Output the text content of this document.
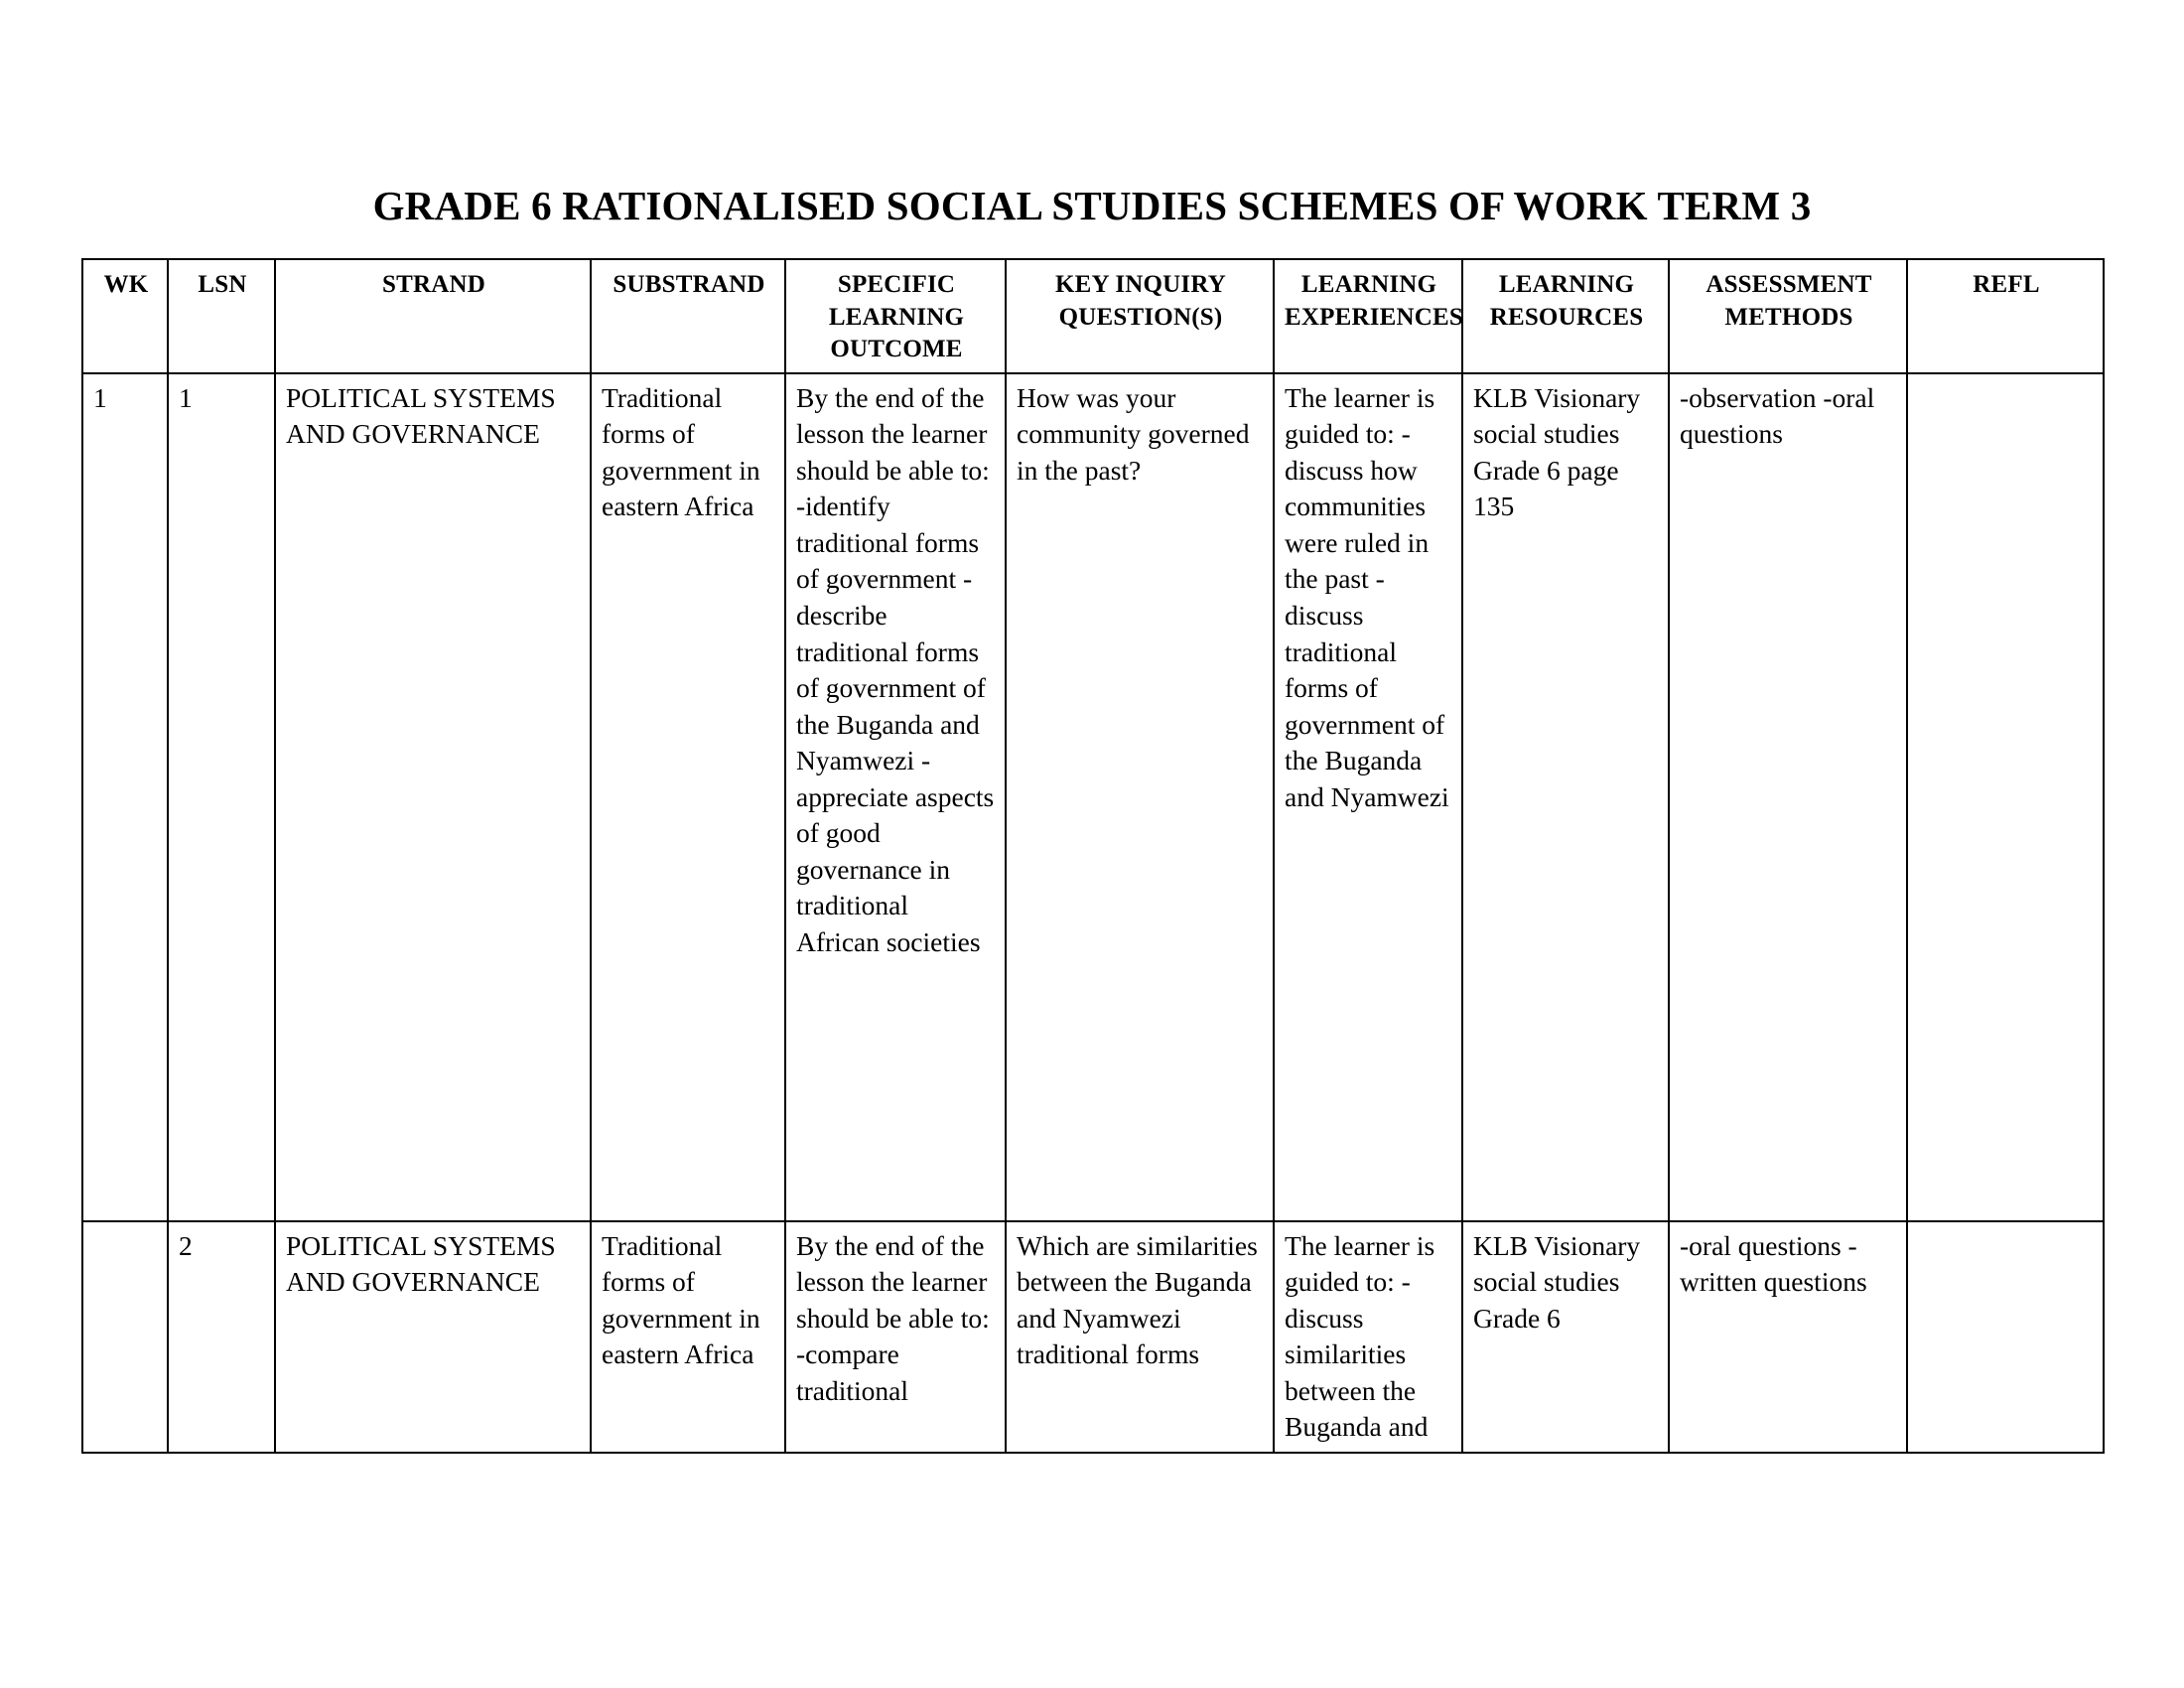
GRADE 6 RATIONALISED SOCIAL STUDIES SCHEMES OF WORK TERM 3
WK	LSN	STRAND	SUBSTRAND	SPECIFIC LEARNING OUTCOME	KEY INQUIRY QUESTION(S)	LEARNING EXPERIENCES	LEARNING RESOURCES	ASSESSMENT METHODS	REFL
1	1	POLITICAL SYSTEMS AND GOVERNANCE	Traditional forms of government in eastern Africa	By the end of the lesson the learner should be able to: -identify traditional forms of government -describe traditional forms of government of the Buganda and Nyamwezi -appreciate aspects of good governance in traditional African societies	How was your community governed in the past?	The learner is guided to: -discuss how communities were ruled in the past - discuss traditional forms of government of the Buganda and Nyamwezi	KLB Visionary social studies Grade 6 page 135	-observation -oral questions	
	2	POLITICAL SYSTEMS AND GOVERNANCE	Traditional forms of government in eastern Africa	By the end of the lesson the learner should be able to: -compare traditional	Which are similarities between the Buganda and Nyamwezi traditional forms	The learner is guided to: -discuss similarities between the Buganda and	KLB Visionary social studies Grade 6	-oral questions -written questions	
